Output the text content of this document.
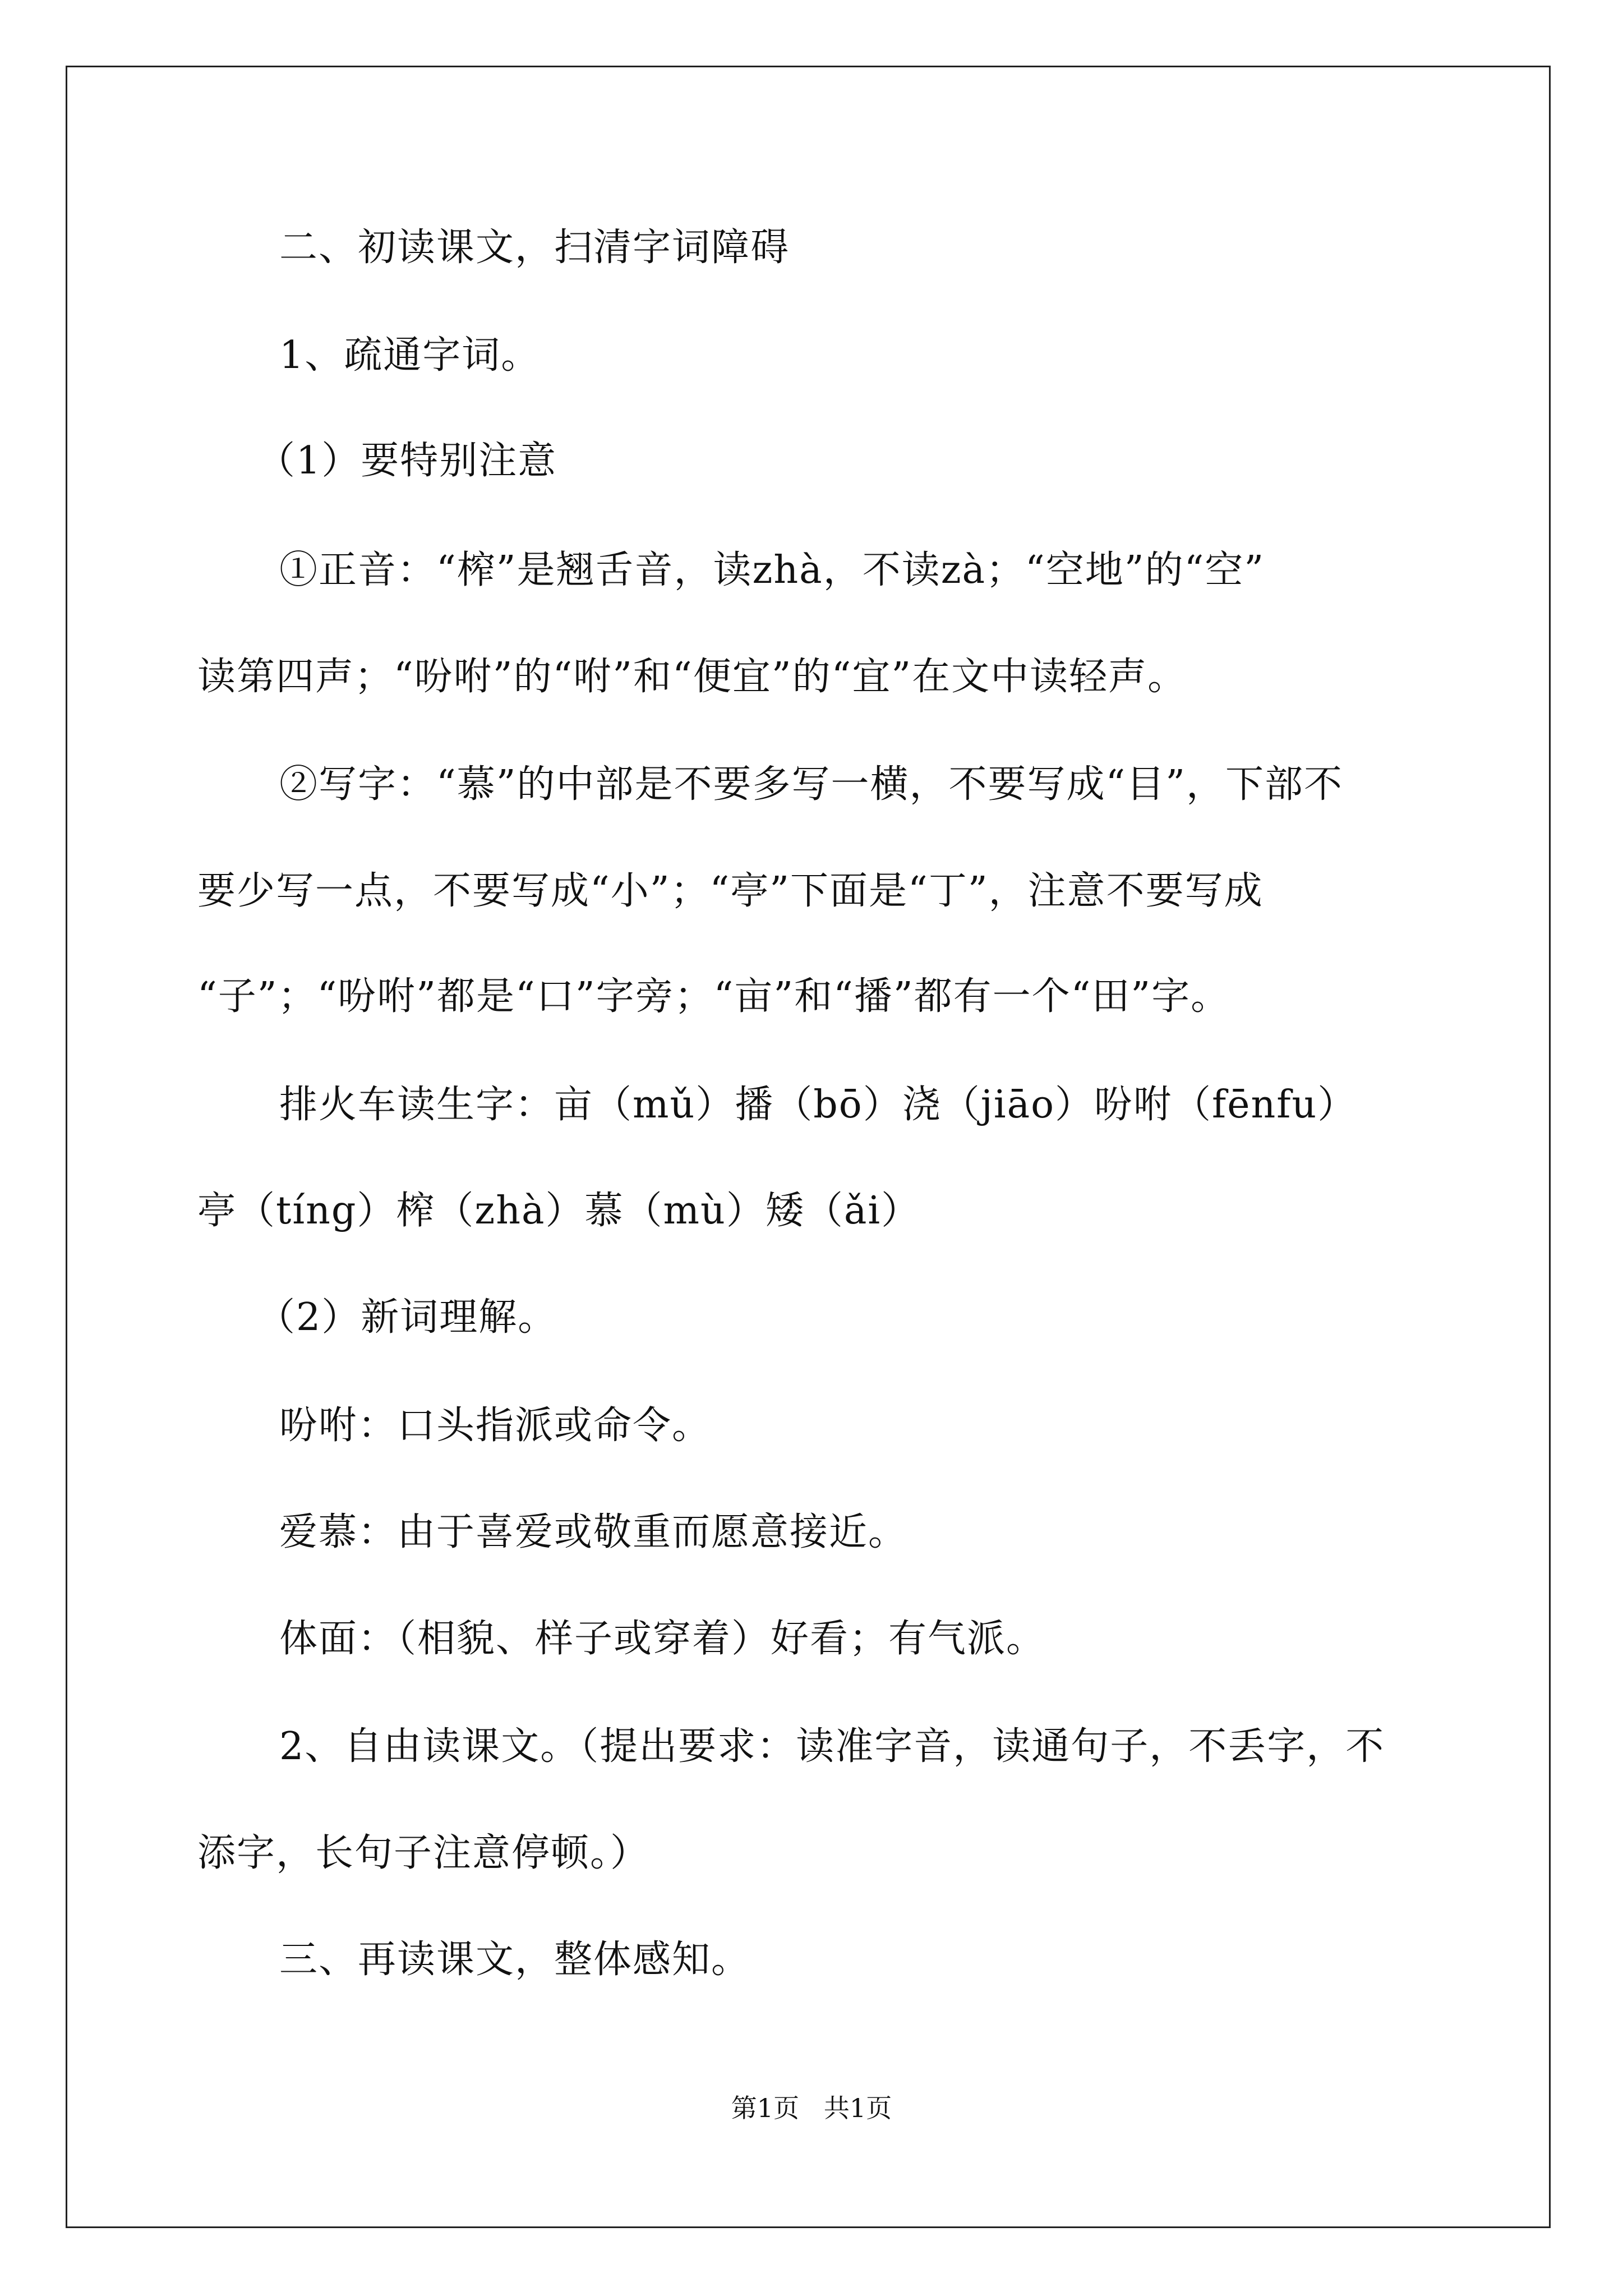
二、初读课文，扫清字词障碍
1、疏通字词。
（1）要特别注意
①正音：“榨”是翘舌音，读zhà，不读zà；“空地”的“空”
读第四声；“吩咐”的“咐”和“便宜”的“宜”在文中读轻声。
②写字：“慕”的中部是不要多写一横，不要写成“目”，下部不
要少写一点，不要写成“小”；“亭”下面是“丁”，注意不要写成
“子”；“吩咐”都是“口”字旁；“亩”和“播”都有一个“田”字。
排火车读生字：亩（mǔ）播（bō）浇（jiāo）吩咐（fēnfu）
亭（tíng）榨（zhà）慕（mù）矮（ǎi）
（2）新词理解。
吩咐：口头指派或命令。
爱慕：由于喜爱或敬重而愿意接近。
体面：（相貌、样子或穿着）好看；有气派。
2、自由读课文。（提出要求：读准字音，读通句子，不丢字，不
添字，长句子注意停顿。）
三、再读课文，整体感知。
第1页   共1页
